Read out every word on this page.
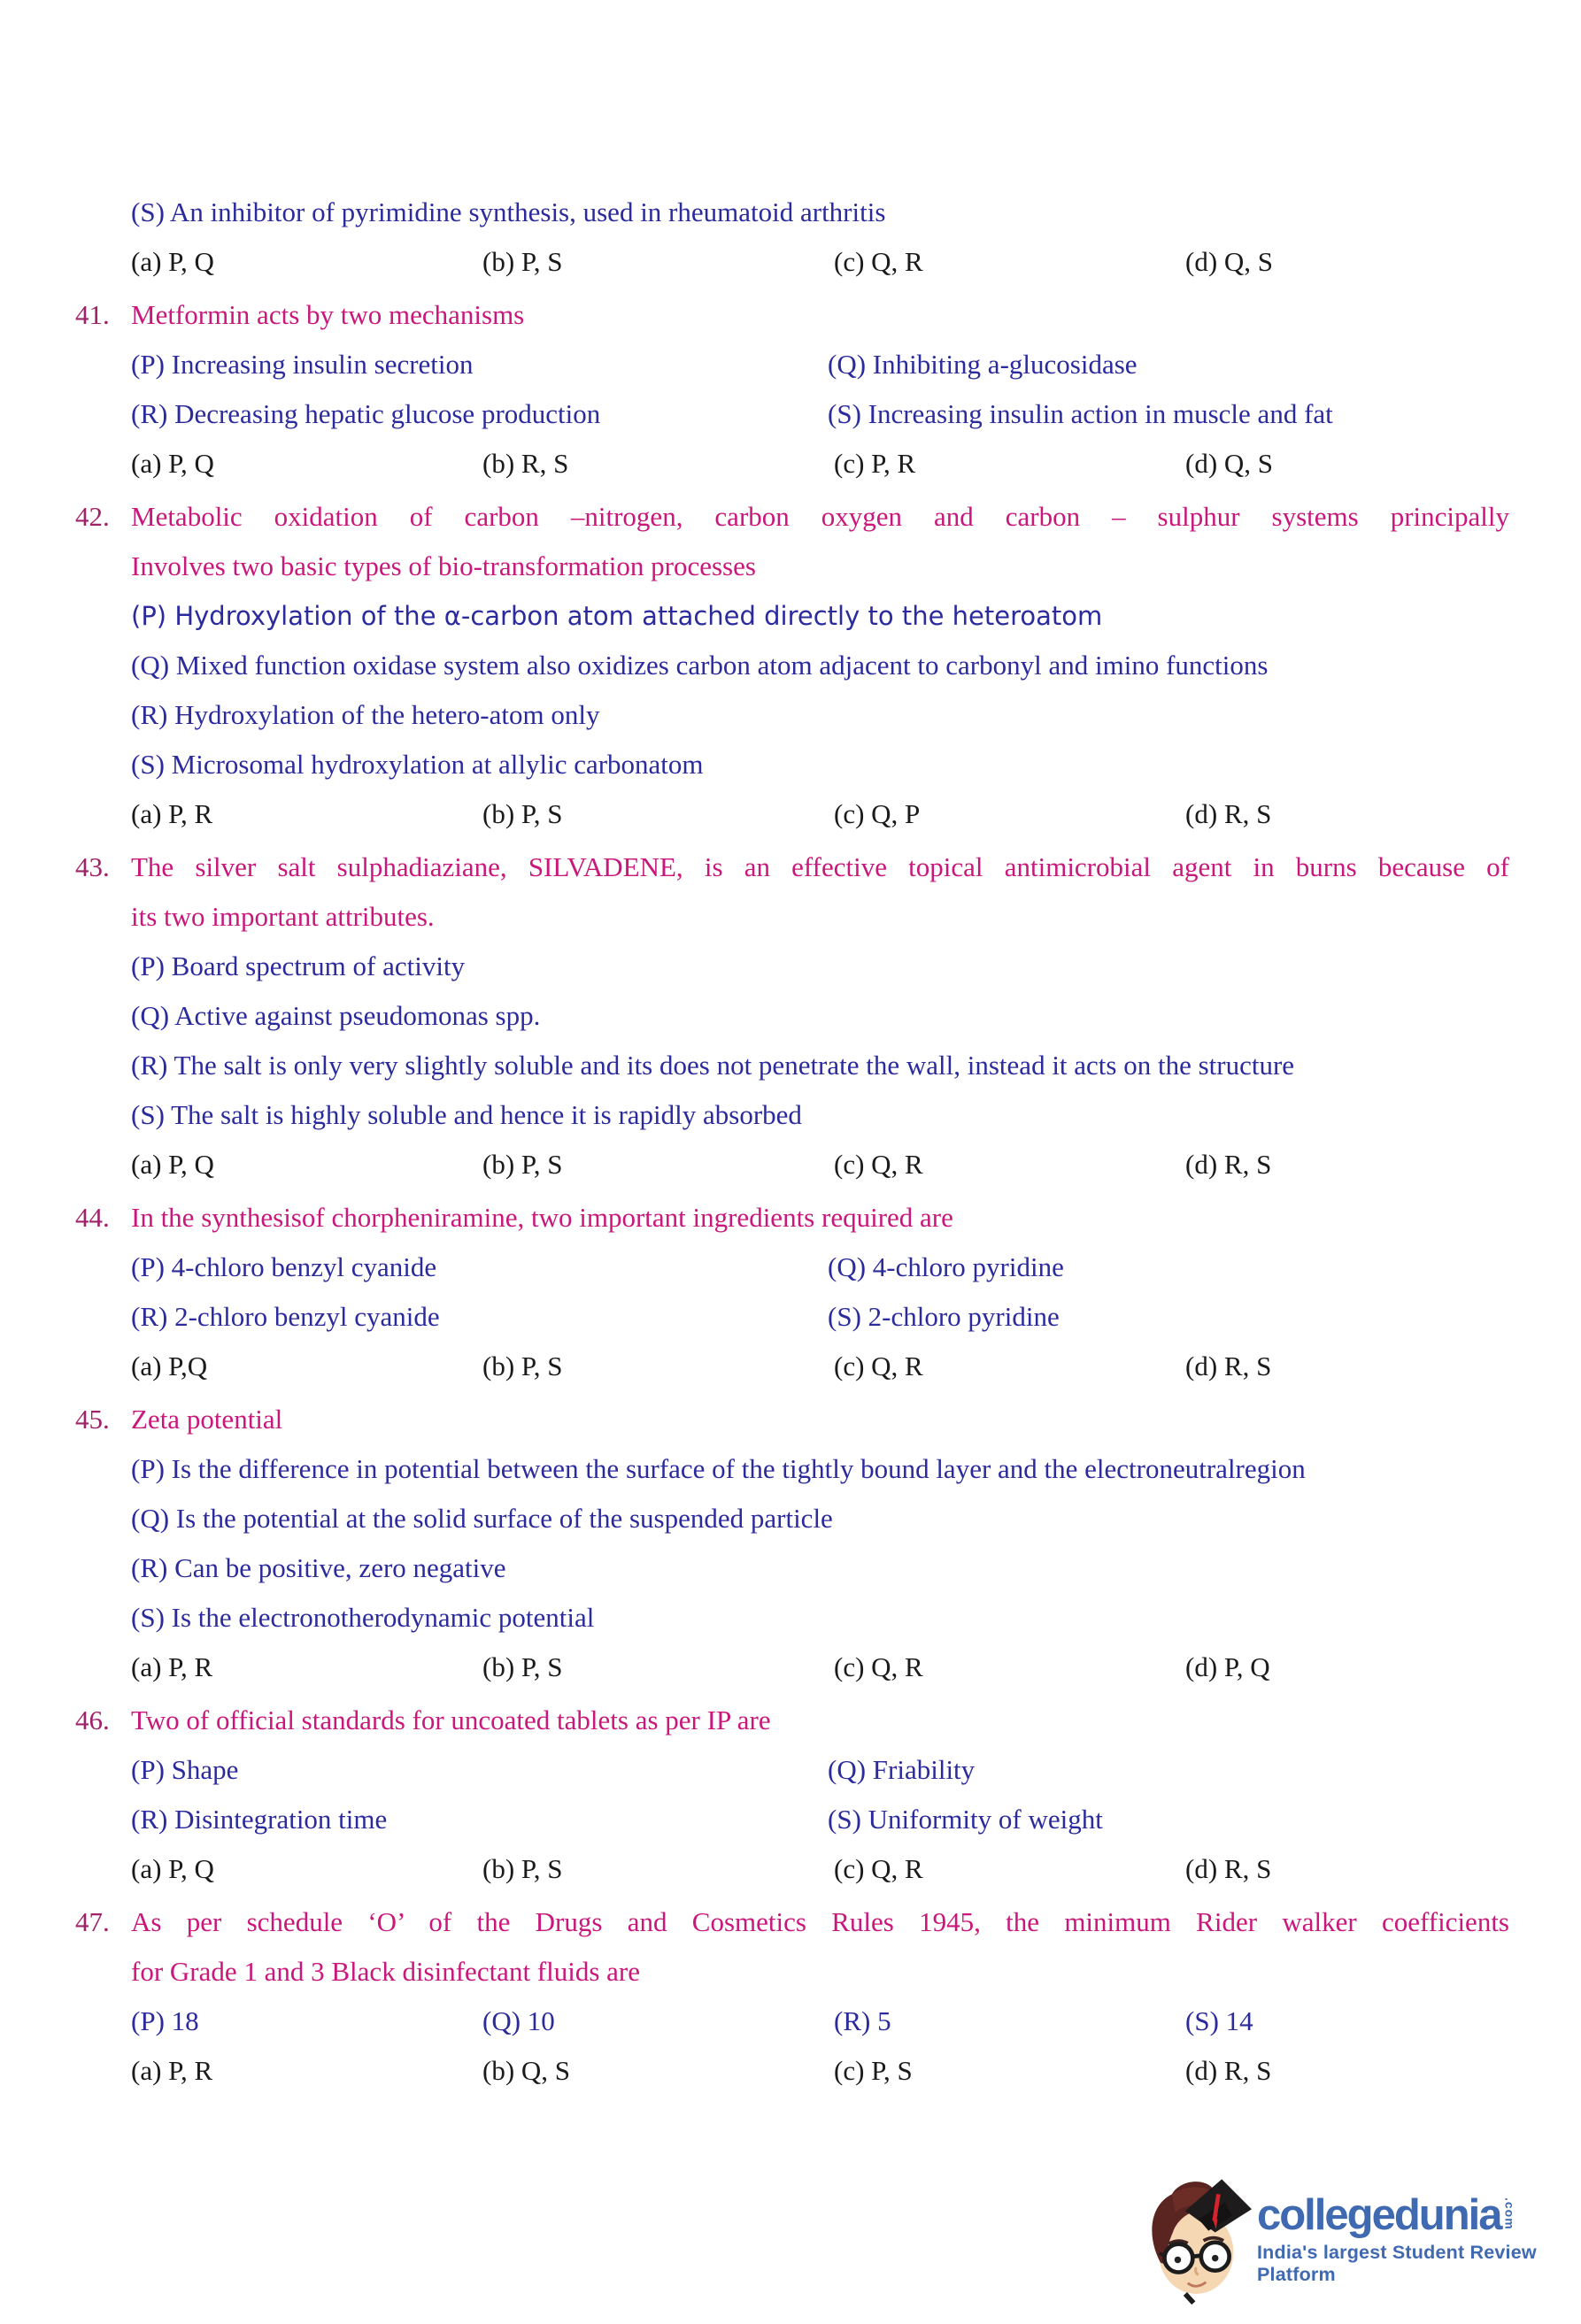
(S) An inhibitor of pyrimidine synthesis, used in rheumatoid arthritis
(a) P, Q	(b) P, S	(c) Q, R	(d) Q, S
41. Metformin acts by two mechanisms
(P) Increasing insulin secretion	(Q) Inhibiting a-glucosidase
(R) Decreasing hepatic glucose production	(S) Increasing insulin action in muscle and fat
(a) P, Q	(b) R, S	(c) P, R	(d) Q, S
42. Metabolic oxidation of carbon –nitrogen, carbon oxygen and carbon – sulphur systems principally
Involves two basic types of bio-transformation processes
(P) Hydroxylation of the α-carbon atom attached directly to the heteroatom
(Q) Mixed function oxidase system also oxidizes carbon atom adjacent to carbonyl and imino functions
(R) Hydroxylation of the hetero-atom only
(S) Microsomal hydroxylation at allylic carbonatom
(a) P, R	(b) P, S	(c) Q, P	(d) R, S
43. The silver salt sulphadiaziane, SILVADENE, is an effective topical antimicrobial agent in burns because of
its two important attributes.
(P) Board spectrum of activity
(Q) Active against pseudomonas spp.
(R) The salt is only very slightly soluble and its does not penetrate the wall, instead it acts on the structure
(S) The salt is highly soluble and hence it is rapidly absorbed
(a) P, Q	(b) P, S	(c) Q, R	(d) R, S
44. In the synthesisof chorpheniramine, two important ingredients required are
(P) 4-chloro benzyl cyanide	(Q) 4-chloro pyridine
(R) 2-chloro benzyl cyanide	(S) 2-chloro pyridine
(a) P,Q	(b) P, S	(c) Q, R	(d) R, S
45. Zeta potential
(P) Is the difference in potential between the surface of the tightly bound layer and the electroneutralregion
(Q) Is the potential at the solid surface of the suspended particle
(R) Can be positive, zero negative
(S) Is the electronotherodynamic potential
(a) P, R	(b) P, S	(c) Q, R	(d) P, Q
46. Two of official standards for uncoated tablets as per IP are
(P) Shape	(Q) Friability
(R) Disintegration time	(S) Uniformity of weight
(a) P, Q	(b) P, S	(c) Q, R	(d) R, S
47. As per schedule ‘O’ of the Drugs and Cosmetics Rules 1945, the minimum Rider walker coefficients
for Grade 1 and 3 Black disinfectant fluids are
(P) 18	(Q) 10	(R) 5	(S) 14
(a) P, R	(b) Q, S	(c) P, S	(d) R, S
collegedunia .com
India's largest Student Review Platform
